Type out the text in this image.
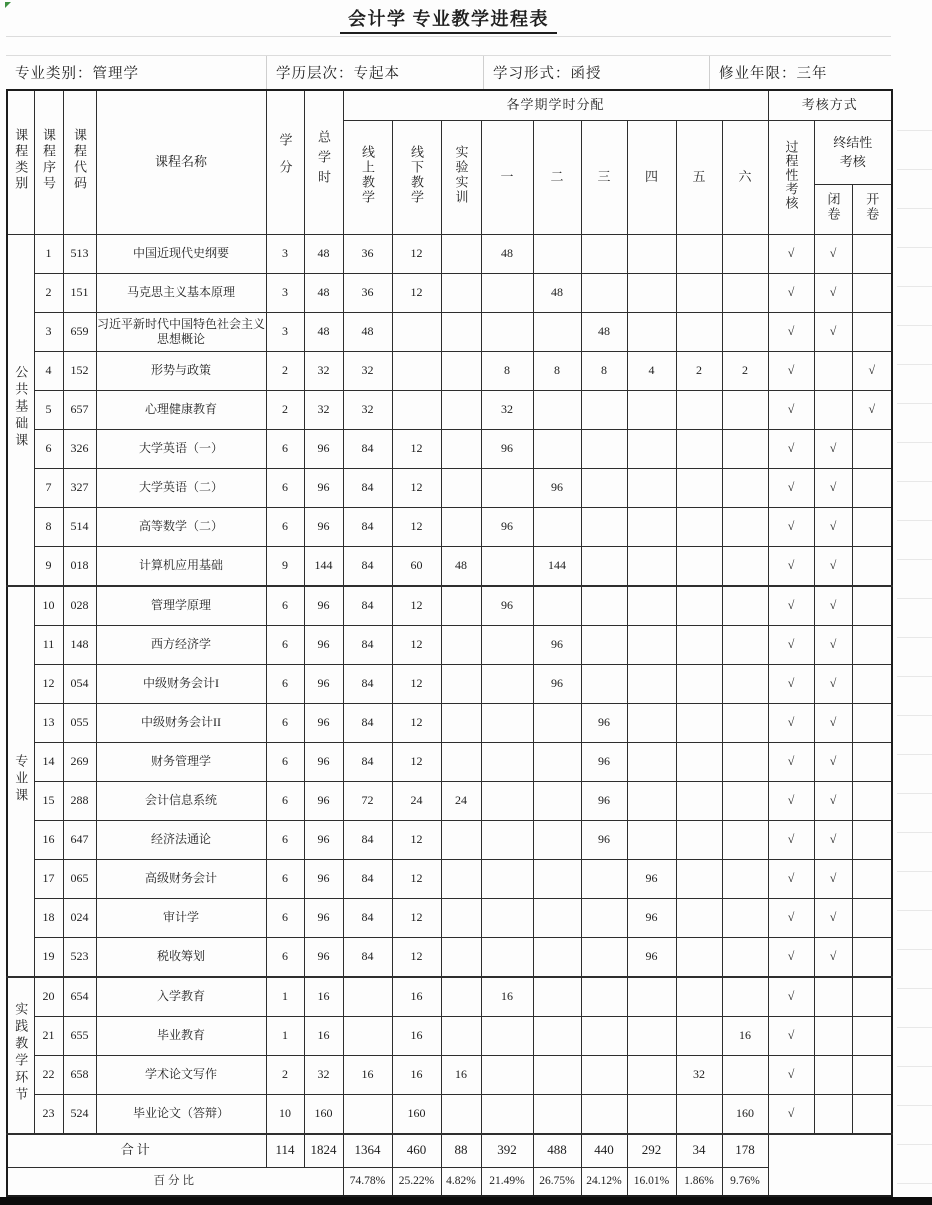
会计学 专业教学进程表
专业类别：管理学	学历层次：专起本	学习形式：函授	修业年限：三年
课程类别	课程序号	课程代码	课程名称	学分	总学时	各学期学时分配									考核方式		
						线上教学	线下教学	实验实训	一	二	三	四	五	六	过程性考核	终结性考核	
																闭卷	开卷
公共基础课	1	513	中国近现代史纲要	3	48	36	12		48						√	√	
	2	151	马克思主义基本原理	3	48	36	12			48					√	√	
	3	659	习近平新时代中国特色社会主义思想概论	3	48	48					48				√	√	
	4	152	形势与政策	2	32	32			8	8	8	4	2	2	√		√
	5	657	心理健康教育	2	32	32			32						√		√
	6	326	大学英语（一）	6	96	84	12		96						√	√	
	7	327	大学英语（二）	6	96	84	12			96					√	√	
	8	514	高等数学（二）	6	96	84	12		96						√	√	
	9	018	计算机应用基础	9	144	84	60	48		144					√	√	
专业课	10	028	管理学原理	6	96	84	12		96						√	√	
	11	148	西方经济学	6	96	84	12			96					√	√	
	12	054	中级财务会计I	6	96	84	12			96					√	√	
	13	055	中级财务会计II	6	96	84	12				96				√	√	
	14	269	财务管理学	6	96	84	12				96				√	√	
	15	288	会计信息系统	6	96	72	24	24			96				√	√	
	16	647	经济法通论	6	96	84	12				96				√	√	
	17	065	高级财务会计	6	96	84	12					96			√	√	
	18	024	审计学	6	96	84	12					96			√	√	
	19	523	税收筹划	6	96	84	12					96			√	√	
实践教学环节	20	654	入学教育	1	16		16		16						√		
	21	655	毕业教育	1	16		16							16	√		
	22	658	学术论文写作	2	32	16	16	16					32		√		
	23	524	毕业论文（答辩）	10	160		160							160	√		
合计				114	1824	1364	460	88	392	488	440	292	34	178			
百分比						74.78%	25.22%	4.82%	21.49%	26.75%	24.12%	16.01%	1.86%	9.76%			
